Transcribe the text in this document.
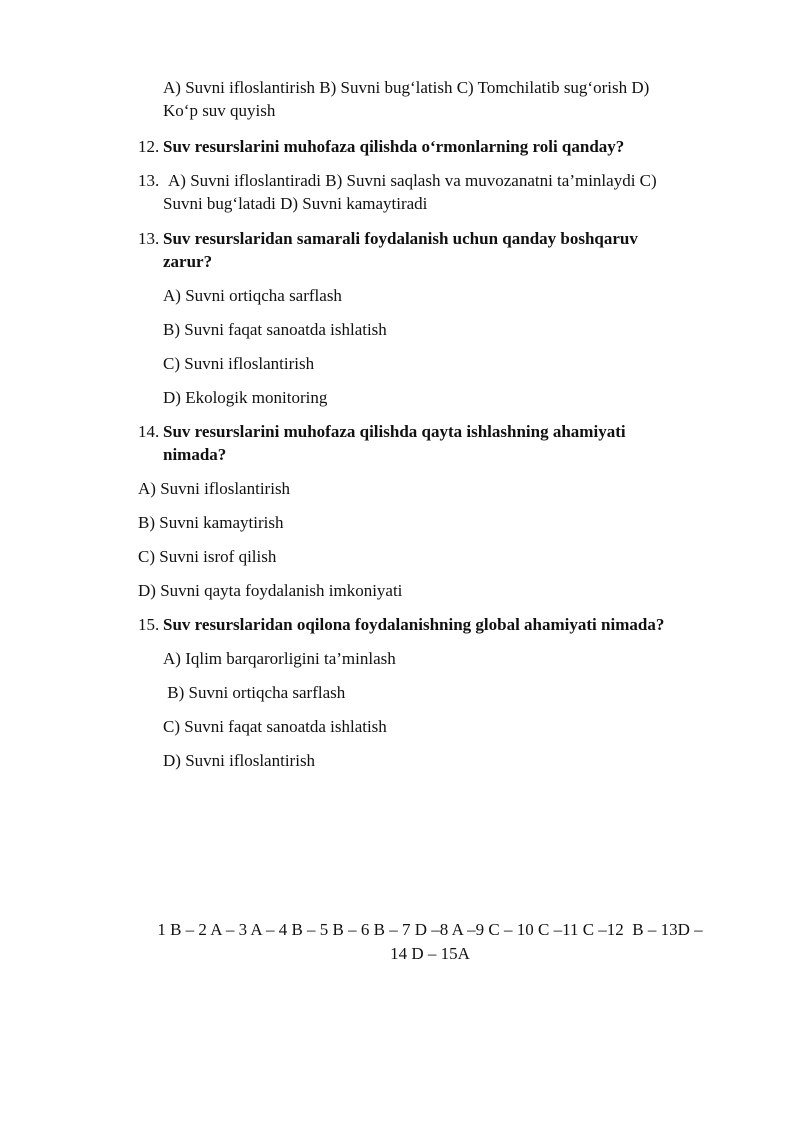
A) Suvni ifloslantirish B) Suvni bug‘latish C) Tomchilatib sug‘orish D)
Ko‘p suv quyish
12. Suv resurslarini muhofaza qilishda o‘rmonlarning roli qanday?
13. A) Suvni ifloslantiradi B) Suvni saqlash va muvozanatni ta’minlaydi C)
Suvni bug‘latadi D) Suvni kamaytiradi
13. Suv resurslaridan samarali foydalanish uchun qanday boshqaruv
zarur?
A) Suvni ortiqcha sarflash
B) Suvni faqat sanoatda ishlatish
C) Suvni ifloslantirish
D) Ekologik monitoring
14. Suv resurslarini muhofaza qilishda qayta ishlashning ahamiyati
nimada?
A) Suvni ifloslantirish
B) Suvni kamaytirish
C) Suvni isrof qilish
D) Suvni qayta foydalanish imkoniyati
15. Suv resurslaridan oqilona foydalanishning global ahamiyati nimada?
A) Iqlim barqarorligini ta’minlash
B) Suvni ortiqcha sarflash
C) Suvni faqat sanoatda ishlatish
D) Suvni ifloslantirish
1 B – 2 A – 3 A – 4 B – 5 B – 6 B – 7 D –8 A –9 C – 10 C –11 C –12  B – 13D –
14 D – 15A
